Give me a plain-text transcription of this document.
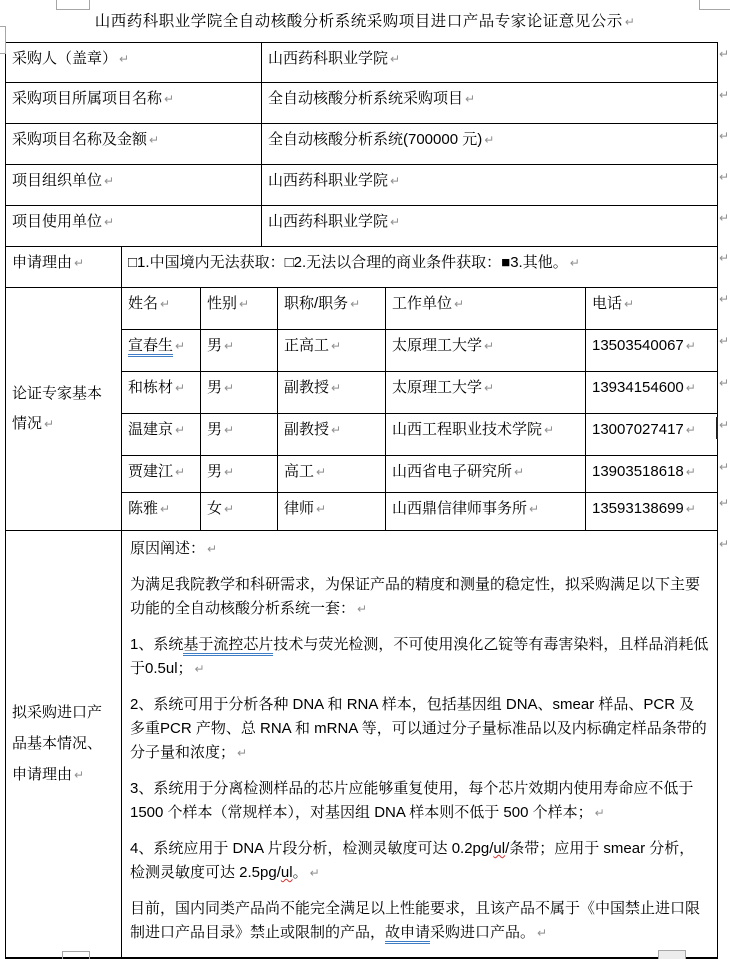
山西药科职业学院全自动核酸分析系统采购项目进口产品专家论证意见公示 ↵
采购人（盖章） ↵			山西药科职业学院 ↵			
采购项目所属项目名称 ↵			全自动核酸分析系统采购项目 ↵			
采购项目名称及金额 ↵			全自动核酸分析系统(700000 元) ↵			
项目组织单位 ↵			山西药科职业学院 ↵			
项目使用单位 ↵			山西药科职业学院 ↵			
申请理由 ↵	□1.中国境内无法获取：□2.无法以合理的商业条件获取：■3.其他。 ↵					
论证专家基本情况 ↵	姓名 ↵	性别 ↵		职称/职务 ↵	工作单位 ↵	电话 ↵
	宣春生 ↵	男 ↵		正高工 ↵	太原理工大学 ↵	13503540067 ↵
	和栋材 ↵	男 ↵		副教授 ↵	太原理工大学 ↵	13934154600 ↵
	温建京 ↵	男 ↵		副教授 ↵	山西工程职业技术学院 ↵	13007027417 ↵
	贾建江 ↵	男 ↵		高工 ↵	山西省电子研究所 ↵	13903518618 ↵
	陈雅 ↵	女 ↵		律师 ↵	山西鼎信律师事务所 ↵	13593138699 ↵
拟采购进口产品基本情况、申请理由 ↵	

原因阐述： ↵

为满足我院教学和科研需求，为保证产品的精度和测量的稳定性，拟采购满足以下主要功能的全自动核酸分析系统一套： ↵

1、系统基于流控芯片技术与荧光检测，不可使用溴化乙锭等有毒害染料，且样品消耗低于0.5ul； ↵

2、系统可用于分析各种 DNA 和 RNA 样本，包括基因组 DNA、smear 样品、PCR 及多重PCR 产物、总 RNA 和 mRNA 等，可以通过分子量标准品以及内标确定样品条带的分子量和浓度； ↵

3、系统用于分离检测样品的芯片应能够重复使用，每个芯片效期内使用寿命应不低于1500 个样本（常规样本），对基因组 DNA 样本则不低于 500 个样本； ↵

4、系统应用于 DNA 片段分析，检测灵敏度可达 0.2pg/ul/条带；应用于 smear 分析，检测灵敏度可达 2.5pg/ul。 ↵

目前，国内同类产品尚不能完全满足以上性能要求，且该产品不属于《中国禁止进口限制进口产品目录》禁止或限制的产品，故申请采购进口产品。 ↵

↵
↵
↵
↵
↵
↵
↵
↵
↵
↵
↵
↵
↵
